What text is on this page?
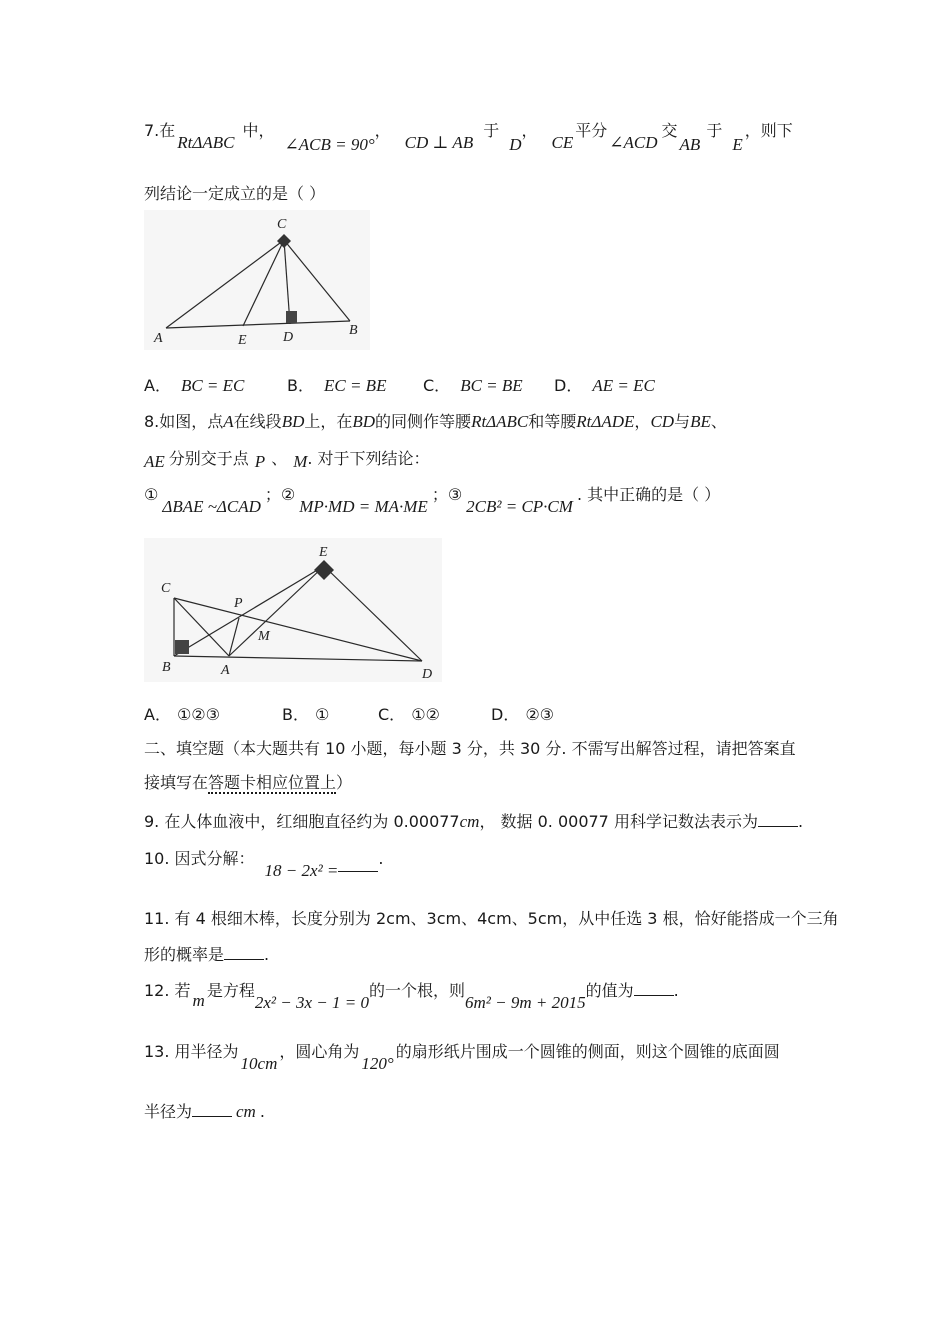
7.在RtΔABC中，∠ACB = 90°，CD ⊥ AB于D，CE平分∠ACD交AB于E，则下
列结论一定成立的是（ ）
C
A	E	D	B
A． BC = EC	B． EC = BE C． BC = BE D． AE = EC
8.如图，点A在线段BD上，在BD的同侧作等腰RtΔABC和等腰RtΔADE，CD与BE、
AE 分别交于点 P 、 M. 对于下列结论：
①ΔBAE ~ΔCAD；②MP·MD = MA·ME；③2CB² = CP·CM. 其中正确的是（ ）
E
C
P
M
B	A	D
A． ①②③	B． ①	C． ①②	D． ②③
二、填空题（本大题共有 10 小题，每小题 3 分，共 30 分. 不需写出解答过程，请把答案直
接填写在答题卡相应位置上）
9. 在人体血液中，红细胞直径约为 0.00077cm， 数据 0. 00077 用科学记数法表示为	.
10. 因式分解：18 − 2x² =.
11. 有 4 根细木棒，长度分别为 2cm、3cm、4cm、5cm，从中任选 3 根，恰好能搭成一个三角
形的概率是	.
12. 若m是方程2x² − 3x − 1 = 0的一个根，则6m² − 9m + 2015的值为	.
13. 用半径为10cm，圆心角为120°的扇形纸片围成一个圆锥的侧面，则这个圆锥的底面圆
半径为	cm .
